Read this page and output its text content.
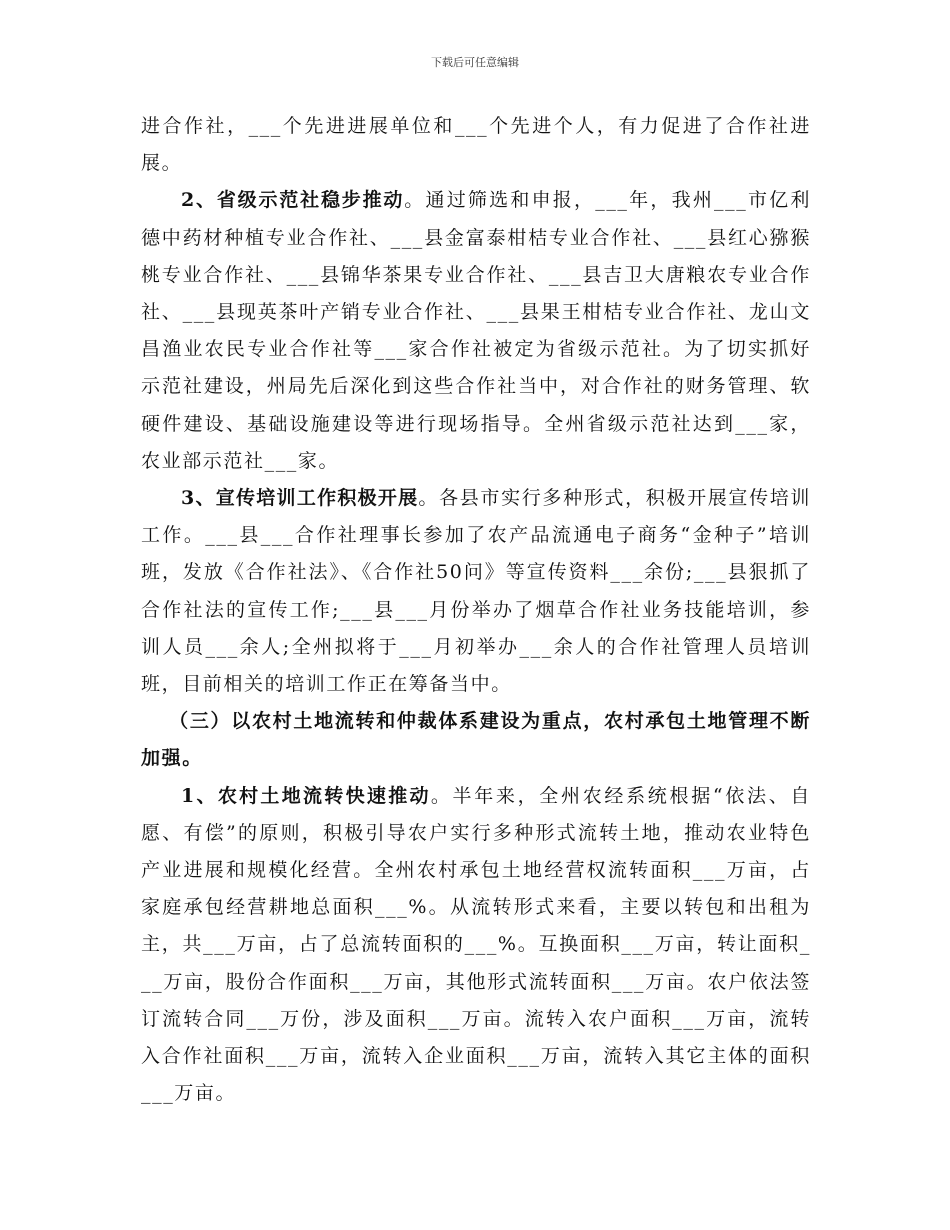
下载后可任意编辑

进合作社，___个先进进展单位和___个先进个人，有力促进了合作社进展。

2、省级示范社稳步推动。通过筛选和申报，___年，我州___市亿利德中药材种植专业合作社、___县金富泰柑桔专业合作社、___县红心猕猴桃专业合作社、___县锦华茶果专业合作社、___县吉卫大唐粮农专业合作社、___县现英茶叶产销专业合作社、___县果王柑桔专业合作社、龙山文昌渔业农民专业合作社等___家合作社被定为省级示范社。为了切实抓好示范社建设，州局先后深化到这些合作社当中，对合作社的财务管理、软硬件建设、基础设施建设等进行现场指导。全州省级示范社达到___家，农业部示范社___家。

3、宣传培训工作积极开展。各县市实行多种形式，积极开展宣传培训工作。___县___合作社理事长参加了农产品流通电子商务“金种子”培训班，发放《合作社法》、《合作社50问》等宣传资料___余份;___县狠抓了合作社法的宣传工作;___县___月份举办了烟草合作社业务技能培训，参训人员___余人;全州拟将于___月初举办___余人的合作社管理人员培训班，目前相关的培训工作正在筹备当中。

（三）以农村土地流转和仲裁体系建设为重点，农村承包土地管理不断加强。

1、农村土地流转快速推动。半年来，全州农经系统根据“依法、自愿、有偿”的原则，积极引导农户实行多种形式流转土地，推动农业特色产业进展和规模化经营。全州农村承包土地经营权流转面积___万亩，占家庭承包经营耕地总面积___%。从流转形式来看，主要以转包和出租为主，共___万亩，占了总流转面积的___%。互换面积___万亩，转让面积___万亩，股份合作面积___万亩，其他形式流转面积___万亩。农户依法签订流转合同___万份，涉及面积___万亩。流转入农户面积___万亩，流转入合作社面积___万亩，流转入企业面积___万亩，流转入其它主体的面积___万亩。
